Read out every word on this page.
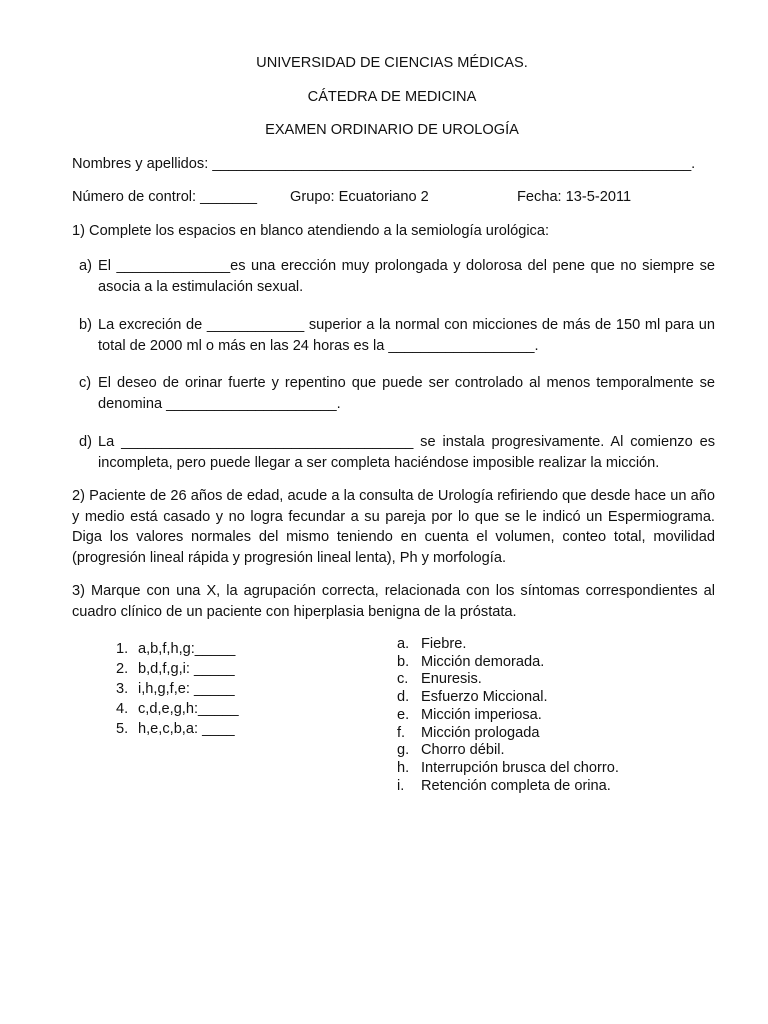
UNIVERSIDAD DE CIENCIAS MÉDICAS.
CÁTEDRA DE MEDICINA
EXAMEN ORDINARIO DE UROLOGÍA
Nombres y apellidos: ___________________________________________________________.
Número de control: _______ Grupo: Ecuatoriano 2	Fecha: 13-5-2011
1) Complete los espacios en blanco atendiendo a la semiología urológica:
a) El ______________es una erección muy prolongada y dolorosa del pene que no siempre se asocia a la estimulación sexual.
b) La excreción de ____________ superior a la normal con micciones de más de 150 ml para un total de 2000 ml o más en las 24 horas es la __________________.
c) El deseo de orinar fuerte y repentino que puede ser controlado al menos temporalmente se denomina _____________________.
d) La ____________________________________ se instala progresivamente. Al comienzo es incompleta, pero puede llegar a ser completa haciéndose imposible realizar la micción.
2) Paciente de 26 años de edad, acude a la consulta de Urología refiriendo que desde hace un año y medio está casado y no logra fecundar a su pareja por lo que se le indicó un Espermiograma. Diga los valores normales del mismo teniendo en cuenta el volumen, conteo total, movilidad (progresión lineal rápida y progresión lineal lenta), Ph y morfología.
3) Marque con una X, la agrupación correcta, relacionada con los síntomas correspondientes al cuadro clínico de un paciente con hiperplasia benigna de la próstata.
1. a,b,f,h,g:_____
2. b,d,f,g,i: _____
3. i,h,g,f,e: _____
4. c,d,e,g,h:_____
5. h,e,c,b,a: ____
a. Fiebre.
b. Micción demorada.
c. Enuresis.
d. Esfuerzo Miccional.
e. Micción imperiosa.
f. Micción prologada
g. Chorro débil.
h. Interrupción brusca del chorro.
i. Retención completa de orina.
